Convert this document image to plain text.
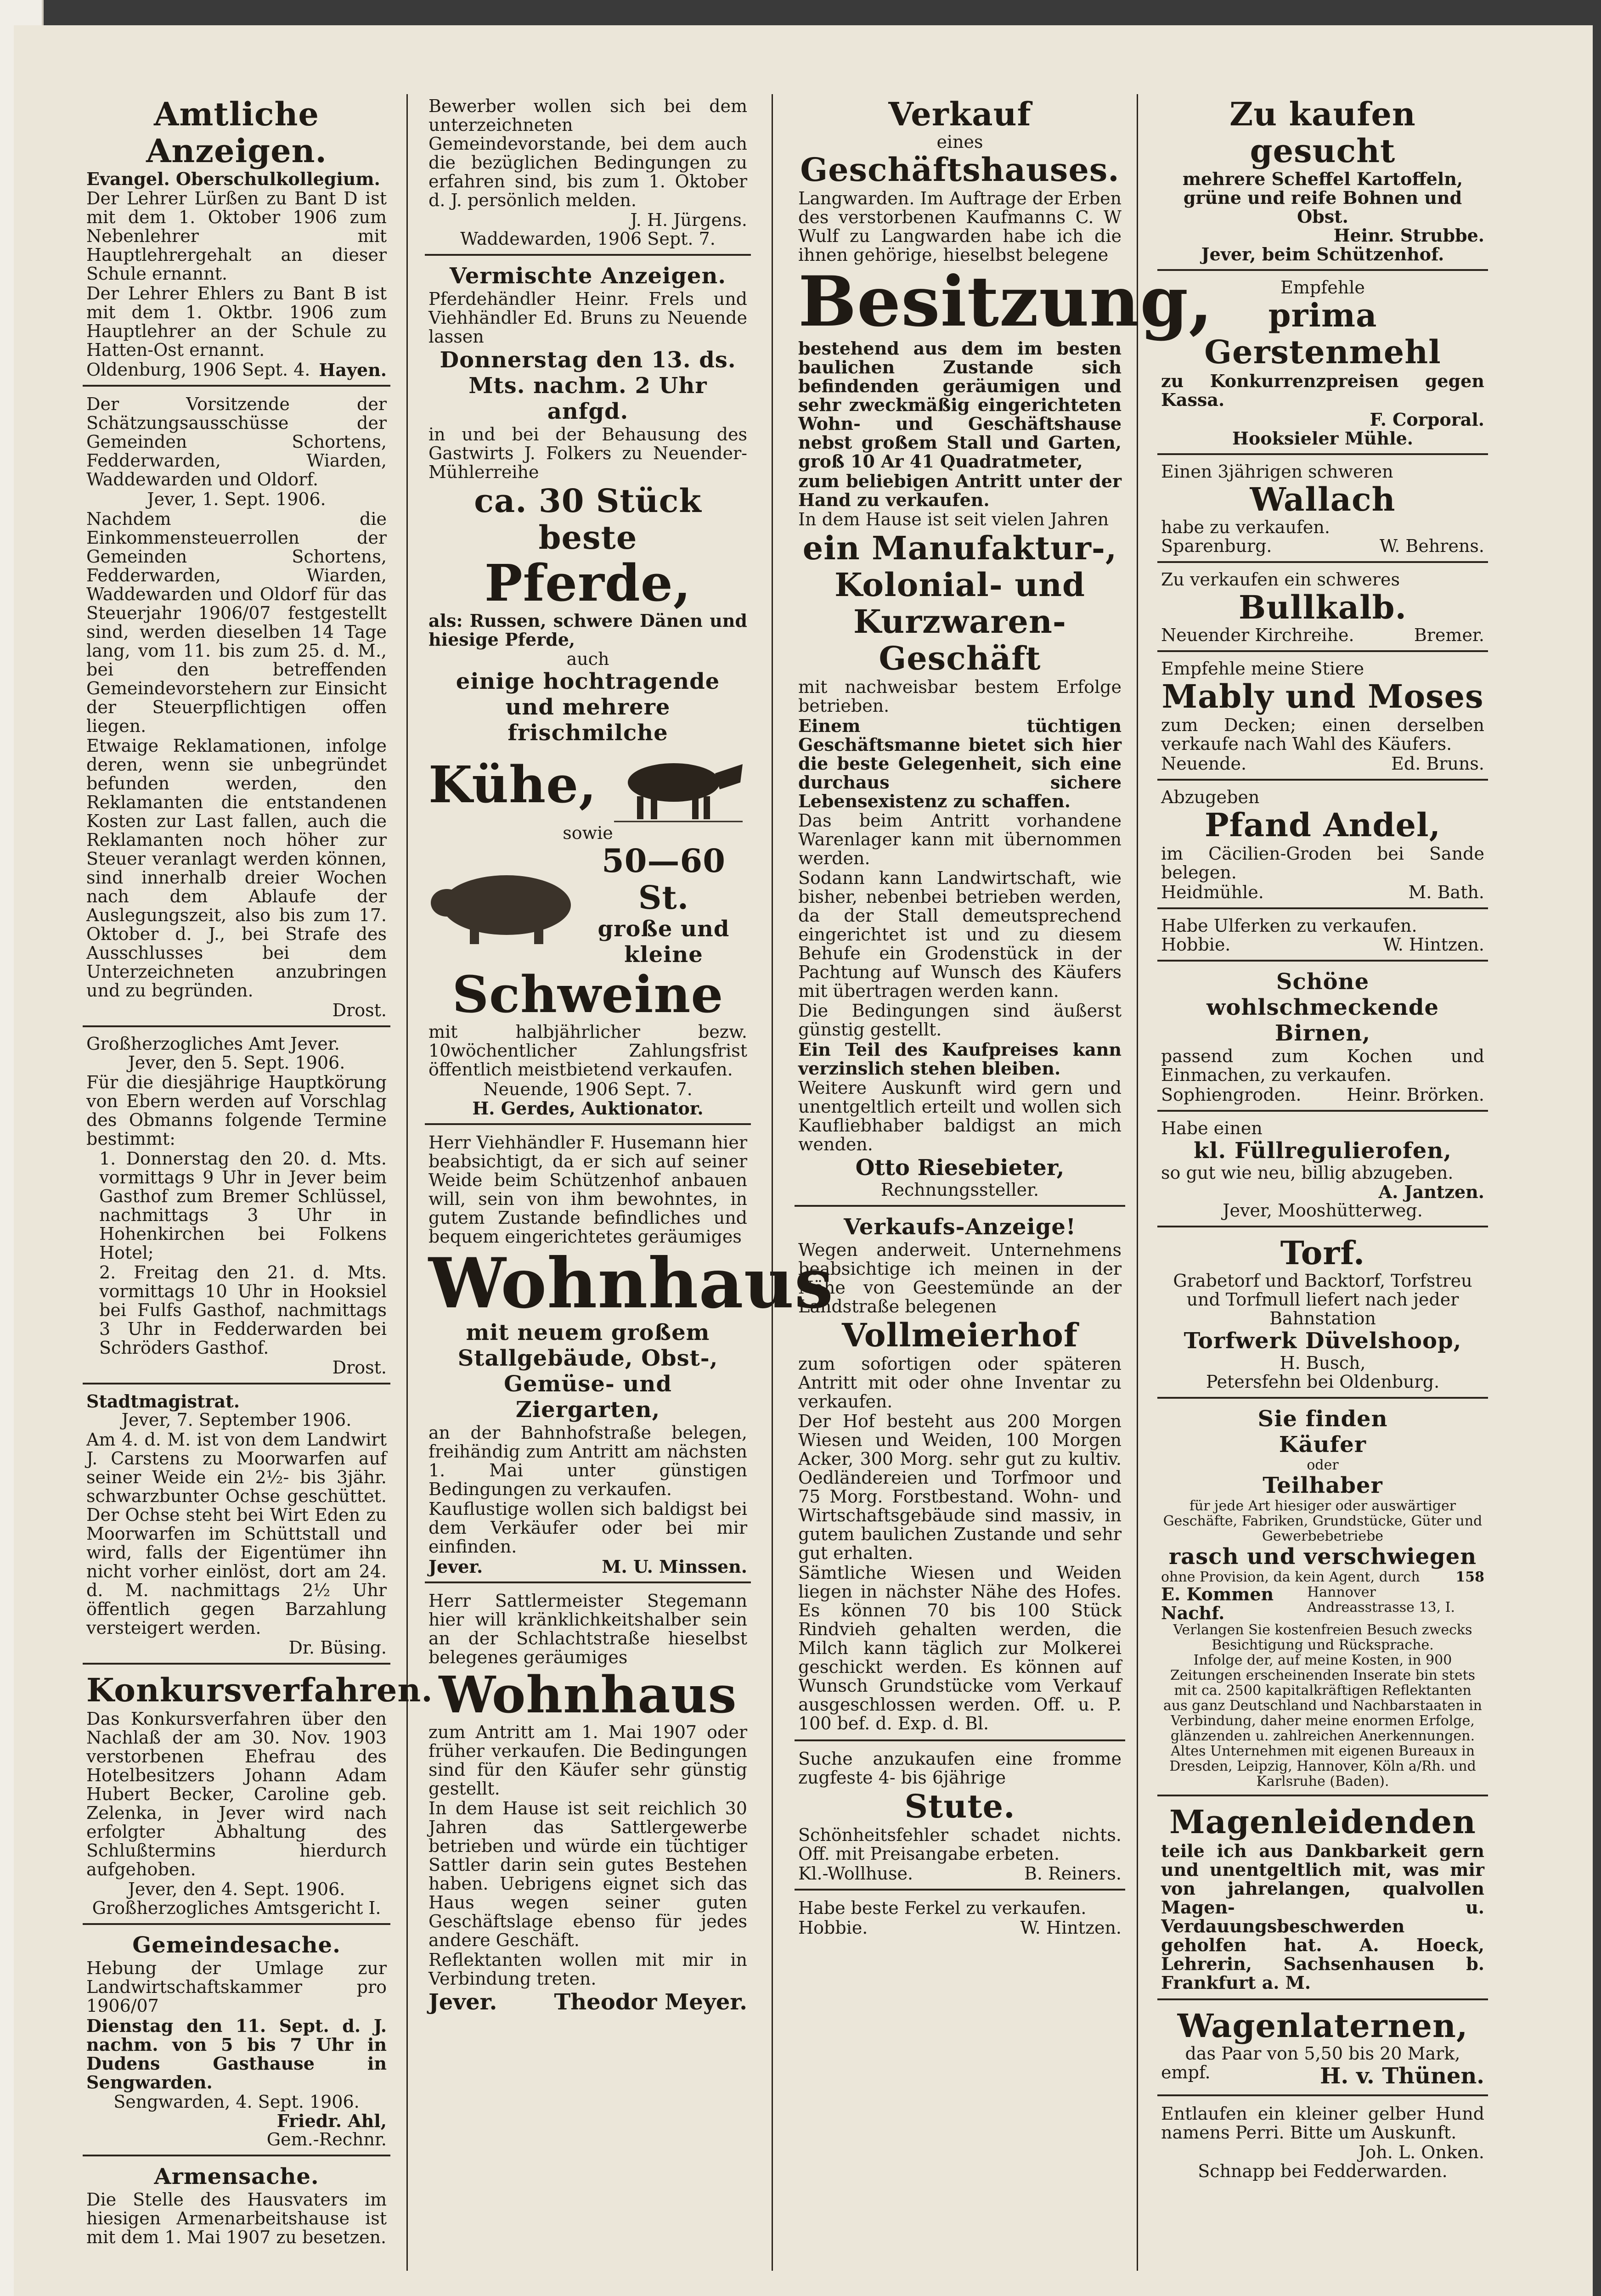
Amtliche Anzeigen.
Evangel. Oberschulkollegium.
Der Lehrer Lürßen zu Bant D ist mit dem 1. Oktober 1906 zum Nebenlehrer mit Hauptlehrergehalt an dieser Schule ernannt.
Der Lehrer Ehlers zu Bant B ist mit dem 1. Oktbr. 1906 zum Hauptlehrer an der Schule zu Hatten-Ost ernannt.
Oldenburg, 1906 Sept. 4. Hayen.
Der Vorsitzende der Schätzungsausschüsse der Gemeinden Schortens, Fedderwarden, Wiarden, Waddewarden und Oldorf.
Jever, 1. Sept. 1906.
Nachdem die Einkommensteuerrollen der Gemeinden Schortens, Fedderwarden, Wiarden, Waddewarden und Oldorf für das Steuerjahr 1906/07 festgestellt sind, werden dieselben 14 Tage lang, vom 11. bis zum 25. d. M., bei den betreffenden Gemeindevorstehern zur Einsicht der Steuerpflichtigen offen liegen.
Etwaige Reklamationen, infolge deren, wenn sie unbegründet befunden werden, den Reklamanten die entstandenen Kosten zur Last fallen, auch die Reklamanten noch höher zur Steuer veranlagt werden können, sind innerhalb dreier Wochen nach dem Ablaufe der Auslegungszeit, also bis zum 17. Oktober d. J., bei Strafe des Ausschlusses bei dem Unterzeichneten anzubringen und zu begründen.
Drost.
Großherzogliches Amt Jever.
Jever, den 5. Sept. 1906.
Für die diesjährige Hauptkörung von Ebern werden auf Vorschlag des Obmanns folgende Termine bestimmt:
1. Donnerstag den 20. d. Mts. vormittags 9 Uhr in Jever beim Gasthof zum Bremer Schlüssel, nachmittags 3 Uhr in Hohenkirchen bei Folkens Hotel;
2. Freitag den 21. d. Mts. vormittags 10 Uhr in Hooksiel bei Fulfs Gasthof, nachmittags 3 Uhr in Fedderwarden bei Schröders Gasthof.
Drost.
Stadtmagistrat.
Jever, 7. September 1906.
Am 4. d. M. ist von dem Landwirt J. Carstens zu Moorwarfen auf seiner Weide ein 2½- bis 3jähr. schwarzbunter Ochse geschüttet. Der Ochse steht bei Wirt Eden zu Moorwarfen im Schüttstall und wird, falls der Eigentümer ihn nicht vorher einlöst, dort am 24. d. M. nachmittags 2½ Uhr öffentlich gegen Barzahlung versteigert werden.
Dr. Büsing.
Konkursverfahren.
Das Konkursverfahren über den Nachlaß der am 30. Nov. 1903 verstorbenen Ehefrau des Hotelbesitzers Johann Adam Hubert Becker, Caroline geb. Zelenka, in Jever wird nach erfolgter Abhaltung des Schlußtermins hierdurch aufgehoben.
Jever, den 4. Sept. 1906.
Großherzogliches Amtsgericht I.
Gemeindesache.
Hebung der Umlage zur Landwirtschaftskammer pro 1906/07
Dienstag den 11. Sept. d. J. nachm. von 5 bis 7 Uhr in Dudens Gasthause in Sengwarden.
Sengwarden, 4. Sept. 1906.
Friedr. Ahl,
Gem.-Rechnr.
Armensache.
Die Stelle des Hausvaters im hiesigen Armenarbeitshause ist mit dem 1. Mai 1907 zu besetzen.
Bewerber wollen sich bei dem unterzeichneten Gemeindevorstande, bei dem auch die bezüglichen Bedingungen zu erfahren sind, bis zum 1. Oktober d. J. persönlich melden.
J. H. Jürgens.
Waddewarden, 1906 Sept. 7.
Vermischte Anzeigen.
Pferdehändler Heinr. Frels und Viehhändler Ed. Bruns zu Neuende lassen
Donnerstag den 13. ds. Mts. nachm. 2 Uhr anfgd.
in und bei der Behausung des Gastwirts J. Folkers zu Neuender-Mühlerreihe
ca. 30 Stück beste
Pferde,
als: Russen, schwere Dänen und hiesige Pferde,
auch
einige hochtragende und mehrere frischmilche
Kühe,
sowie
50—60 St.
große und kleine
Schweine
mit halbjährlicher bezw. 10wöchentlicher Zahlungsfrist öffentlich meistbietend verkaufen.
Neuende, 1906 Sept. 7.
H. Gerdes, Auktionator.
Herr Viehhändler F. Husemann hier beabsichtigt, da er sich auf seiner Weide beim Schützenhof anbauen will, sein von ihm bewohntes, in gutem Zustande befindliches und bequem eingerichtetes geräumiges
Wohnhaus
mit neuem großem Stallgebäude, Obst-, Gemüse- und Ziergarten,
an der Bahnhofstraße belegen, freihändig zum Antritt am nächsten 1. Mai unter günstigen Bedingungen zu verkaufen.
Kauflustige wollen sich baldigst bei dem Verkäufer oder bei mir einfinden.
Jever.	M. U. Minssen.
Herr Sattlermeister Stegemann hier will kränklichkeitshalber sein an der Schlachtstraße hieselbst belegenes geräumiges
Wohnhaus
zum Antritt am 1. Mai 1907 oder früher verkaufen. Die Bedingungen sind für den Käufer sehr günstig gestellt.
In dem Hause ist seit reichlich 30 Jahren das Sattlergewerbe betrieben und würde ein tüchtiger Sattler darin sein gutes Bestehen haben. Uebrigens eignet sich das Haus wegen seiner guten Geschäftslage ebenso für jedes andere Geschäft.
Reflektanten wollen mit mir in Verbindung treten.
Jever.	Theodor Meyer.
Verkauf
eines
Geschäftshauses.
Langwarden. Im Auftrage der Erben des verstorbenen Kaufmanns C. W Wulf zu Langwarden habe ich die ihnen gehörige, hieselbst belegene
Besitzung,
bestehend aus dem im besten baulichen Zustande sich befindenden geräumigen und sehr zweckmäßig eingerichteten Wohn- und Geschäftshause nebst großem Stall und Garten, groß 10 Ar 41 Quadratmeter,
zum beliebigen Antritt unter der Hand zu verkaufen.
In dem Hause ist seit vielen Jahren
ein Manufaktur-, Kolonial- und Kurzwaren-Geschäft
mit nachweisbar bestem Erfolge betrieben.
Einem tüchtigen Geschäftsmanne bietet sich hier die beste Gelegenheit, sich eine durchaus sichere Lebensexistenz zu schaffen.
Das beim Antritt vorhandene Warenlager kann mit übernommen werden.
Sodann kann Landwirtschaft, wie bisher, nebenbei betrieben werden, da der Stall demeutsprechend eingerichtet ist und zu diesem Behufe ein Grodenstück in der Pachtung auf Wunsch des Käufers mit übertragen werden kann.
Die Bedingungen sind äußerst günstig gestellt.
Ein Teil des Kaufpreises kann verzinslich stehen bleiben.
Weitere Auskunft wird gern und unentgeltlich erteilt und wollen sich Kaufliebhaber baldigst an mich wenden.
Otto Riesebieter,
Rechnungssteller.
Verkaufs-Anzeige!
Wegen anderweit. Unternehmens beabsichtige ich meinen in der Nähe von Geestemünde an der Landstraße belegenen
Vollmeierhof
zum sofortigen oder späteren Antritt mit oder ohne Inventar zu verkaufen.
Der Hof besteht aus 200 Morgen Wiesen und Weiden, 100 Morgen Acker, 300 Morg. sehr gut zu kultiv. Oedländereien und Torfmoor und 75 Morg. Forstbestand. Wohn- und Wirtschaftsgebäude sind massiv, in gutem baulichen Zustande und sehr gut erhalten.
Sämtliche Wiesen und Weiden liegen in nächster Nähe des Hofes. Es können 70 bis 100 Stück Rindvieh gehalten werden, die Milch kann täglich zur Molkerei geschickt werden. Es können auf Wunsch Grundstücke vom Verkauf ausgeschlossen werden. Off. u. P. 100 bef. d. Exp. d. Bl.
Suche anzukaufen eine fromme zugfeste 4- bis 6jährige
Stute.
Schönheitsfehler schadet nichts. Off. mit Preisangabe erbeten.
Kl.-Wollhuse.	B. Reiners.
Habe beste Ferkel zu verkaufen.
Hobbie.	W. Hintzen.
Zu kaufen gesucht
mehrere Scheffel Kartoffeln, grüne und reife Bohnen und Obst.
Heinr. Strubbe.
Jever, beim Schützenhof.
Empfehle
prima Gerstenmehl
zu Konkurrenzpreisen gegen Kassa.
F. Corporal.
Hooksieler Mühle.
Einen 3jährigen schweren
Wallach
habe zu verkaufen.
Sparenburg.	W. Behrens.
Zu verkaufen ein schweres
Bullkalb.
Neuender Kirchreihe.	Bremer.
Empfehle meine Stiere
Mably und Moses
zum Decken; einen derselben verkaufe nach Wahl des Käufers.
Neuende.	Ed. Bruns.
Abzugeben
Pfand Andel,
im Cäcilien-Groden bei Sande belegen.
Heidmühle.	M. Bath.
Habe Ulferken zu verkaufen.
Hobbie.	W. Hintzen.
Schöne wohlschmeckende Birnen,
passend zum Kochen und Einmachen, zu verkaufen.
Sophiengroden.	Heinr. Brörken.
Habe einen
kl. Füllregulierofen,
so gut wie neu, billig abzugeben.
A. Jantzen.
Jever, Mooshütterweg.
Torf.
Grabetorf und Backtorf, Torfstreu und Torfmull liefert nach jeder Bahnstation
Torfwerk Düvelshoop,
H. Busch,
Petersfehn bei Oldenburg.
Sie finden
Käufer
oder
Teilhaber
für jede Art hiesiger oder auswärtiger Geschäfte, Fabriken, Grundstücke, Güter und Gewerbebetriebe
rasch und verschwiegen
ohne Provision, da kein Agent, durch	158
E. Kommen Nachf.
Hannover Andreasstrasse 13, I.
Verlangen Sie kostenfreien Besuch zwecks Besichtigung und Rücksprache.
Infolge der, auf meine Kosten, in 900 Zeitungen erscheinenden Inserate bin stets mit ca. 2500 kapitalkräftigen Reflektanten aus ganz Deutschland und Nachbarstaaten in Verbindung, daher meine enormen Erfolge, glänzenden u. zahlreichen Anerkennungen.
Altes Unternehmen mit eigenen Bureaux in Dresden, Leipzig, Hannover, Köln a/Rh. und Karlsruhe (Baden).
Magenleidenden
teile ich aus Dankbarkeit gern und unentgeltlich mit, was mir von jahrelangen, qualvollen Magen- u. Verdauungsbeschwerden geholfen hat. A. Hoeck, Lehrerin, Sachsenhausen b. Frankfurt a. M.
Wagenlaternen,
das Paar von 5,50 bis 20 Mark,
empf.	H. v. Thünen.
Entlaufen ein kleiner gelber Hund namens Perri. Bitte um Auskunft.
Joh. L. Onken.
Schnapp bei Fedderwarden.
